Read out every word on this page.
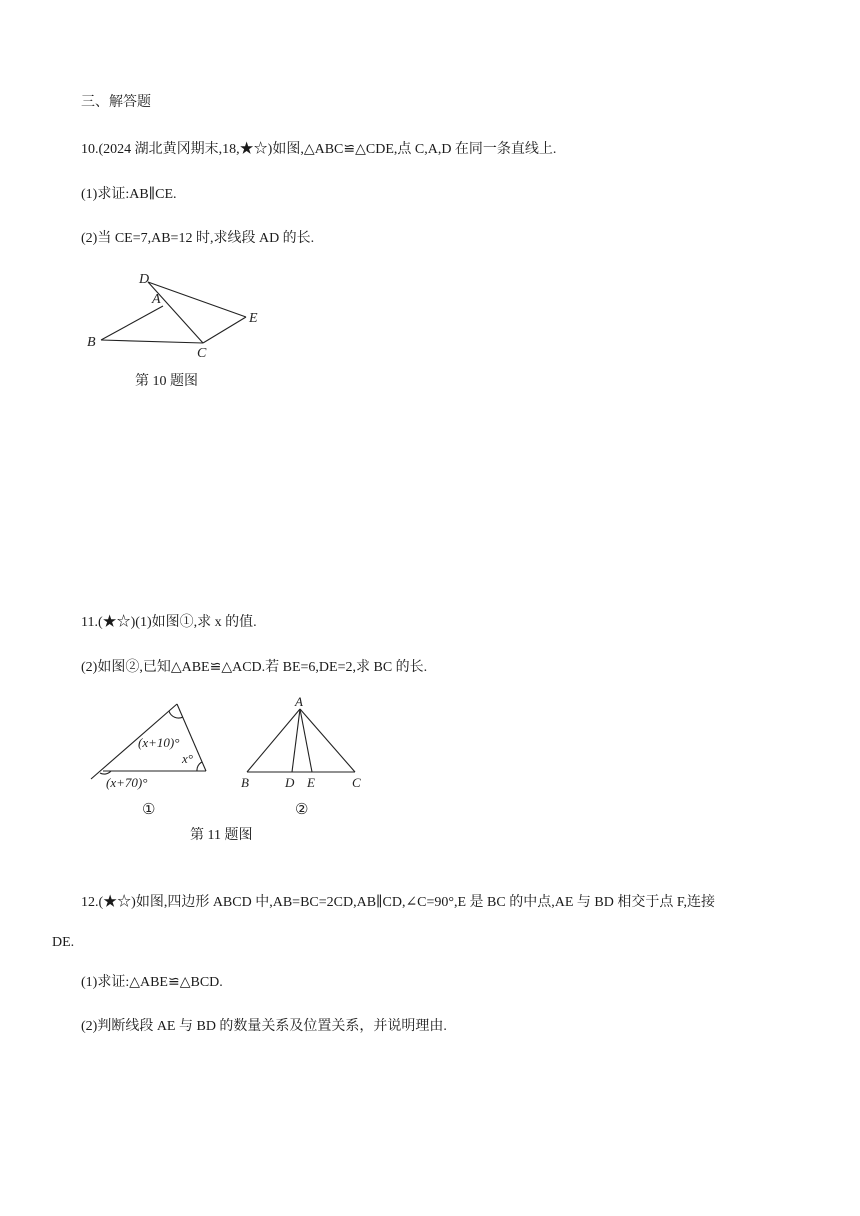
三、解答题
10.(2024 湖北黄冈期末,18,★☆)如图,△ABC≌△CDE,点 C,A,D 在同一条直线上.
(1)求证:AB∥CE.
(2)当 CE=7,AB=12 时,求线段 AD 的长.
D
A
E
B
C
第 10 题图
11.(★☆)(1)如图①,求 x 的值.
(2)如图②,已知△ABE≌△ACD.若 BE=6,DE=2,求 BC 的长.
(x+10)°
x°
(x+70)°
①
A
B	D E	C
②
第 11 题图
12.(★☆)如图,四边形 ABCD 中,AB=BC=2CD,AB∥CD,∠C=90°,E 是 BC 的中点,AE 与 BD 相交于点 F,连接
DE.
(1)求证:△ABE≌△BCD.
(2)判断线段 AE 与 BD 的数量关系及位置关系，并说明理由.
